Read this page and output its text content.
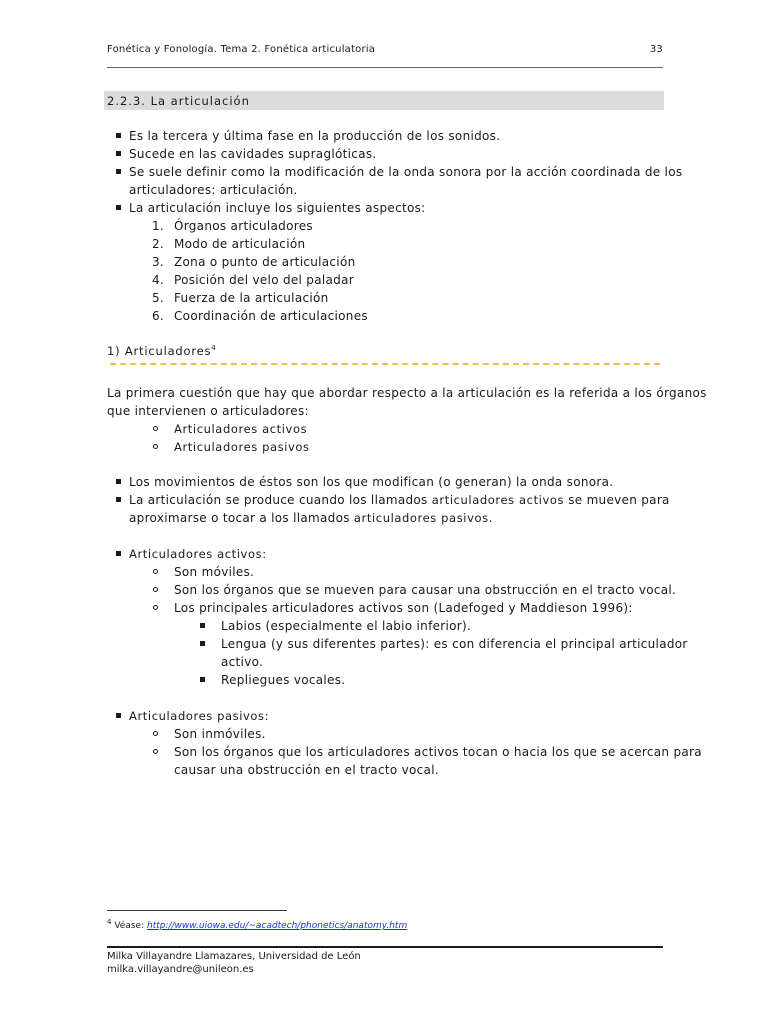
Fonética y Fonología. Tema 2. Fonética articulatoria	33
2.2.3. La articulación
Es la tercera y última fase en la producción de los sonidos.
Sucede en las cavidades supraglóticas.
Se suele definir como la modificación de la onda sonora por la acción coordinada de los
articuladores: articulación.
La articulación incluye los siguientes aspectos:
1. Órganos articuladores
2. Modo de articulación
3. Zona o punto de articulación
4. Posición del velo del paladar
5. Fuerza de la articulación
6. Coordinación de articulaciones
1) Articuladores$^4$
La primera cuestión que hay que abordar respecto a la articulación es la referida a los órganos
que intervienen o articuladores:
Articuladores activos
Articuladores pasivos
Los movimientos de éstos son los que modifican (o generan) la onda sonora.
La articulación se produce cuando los llamados articuladores activos se mueven para
aproximarse o tocar a los llamados articuladores pasivos.
Articuladores activos:
Son móviles.
Son los órganos que se mueven para causar una obstrucción en el tracto vocal.
Los principales articuladores activos son (Ladefoged y Maddieson 1996):
Labios (especialmente el labio inferior).
Lengua (y sus diferentes partes): es con diferencia el principal articulador
activo.
Repliegues vocales.
Articuladores pasivos:
Son inmóviles.
Son los órganos que los articuladores activos tocan o hacia los que se acercan para
causar una obstrucción en el tracto vocal.
$^4$ Véase: http://www.uiowa.edu/~acadtech/phonetics/anatomy.htm
Milka Villayandre Llamazares, Universidad de León
milka.villayandre@unileon.es
